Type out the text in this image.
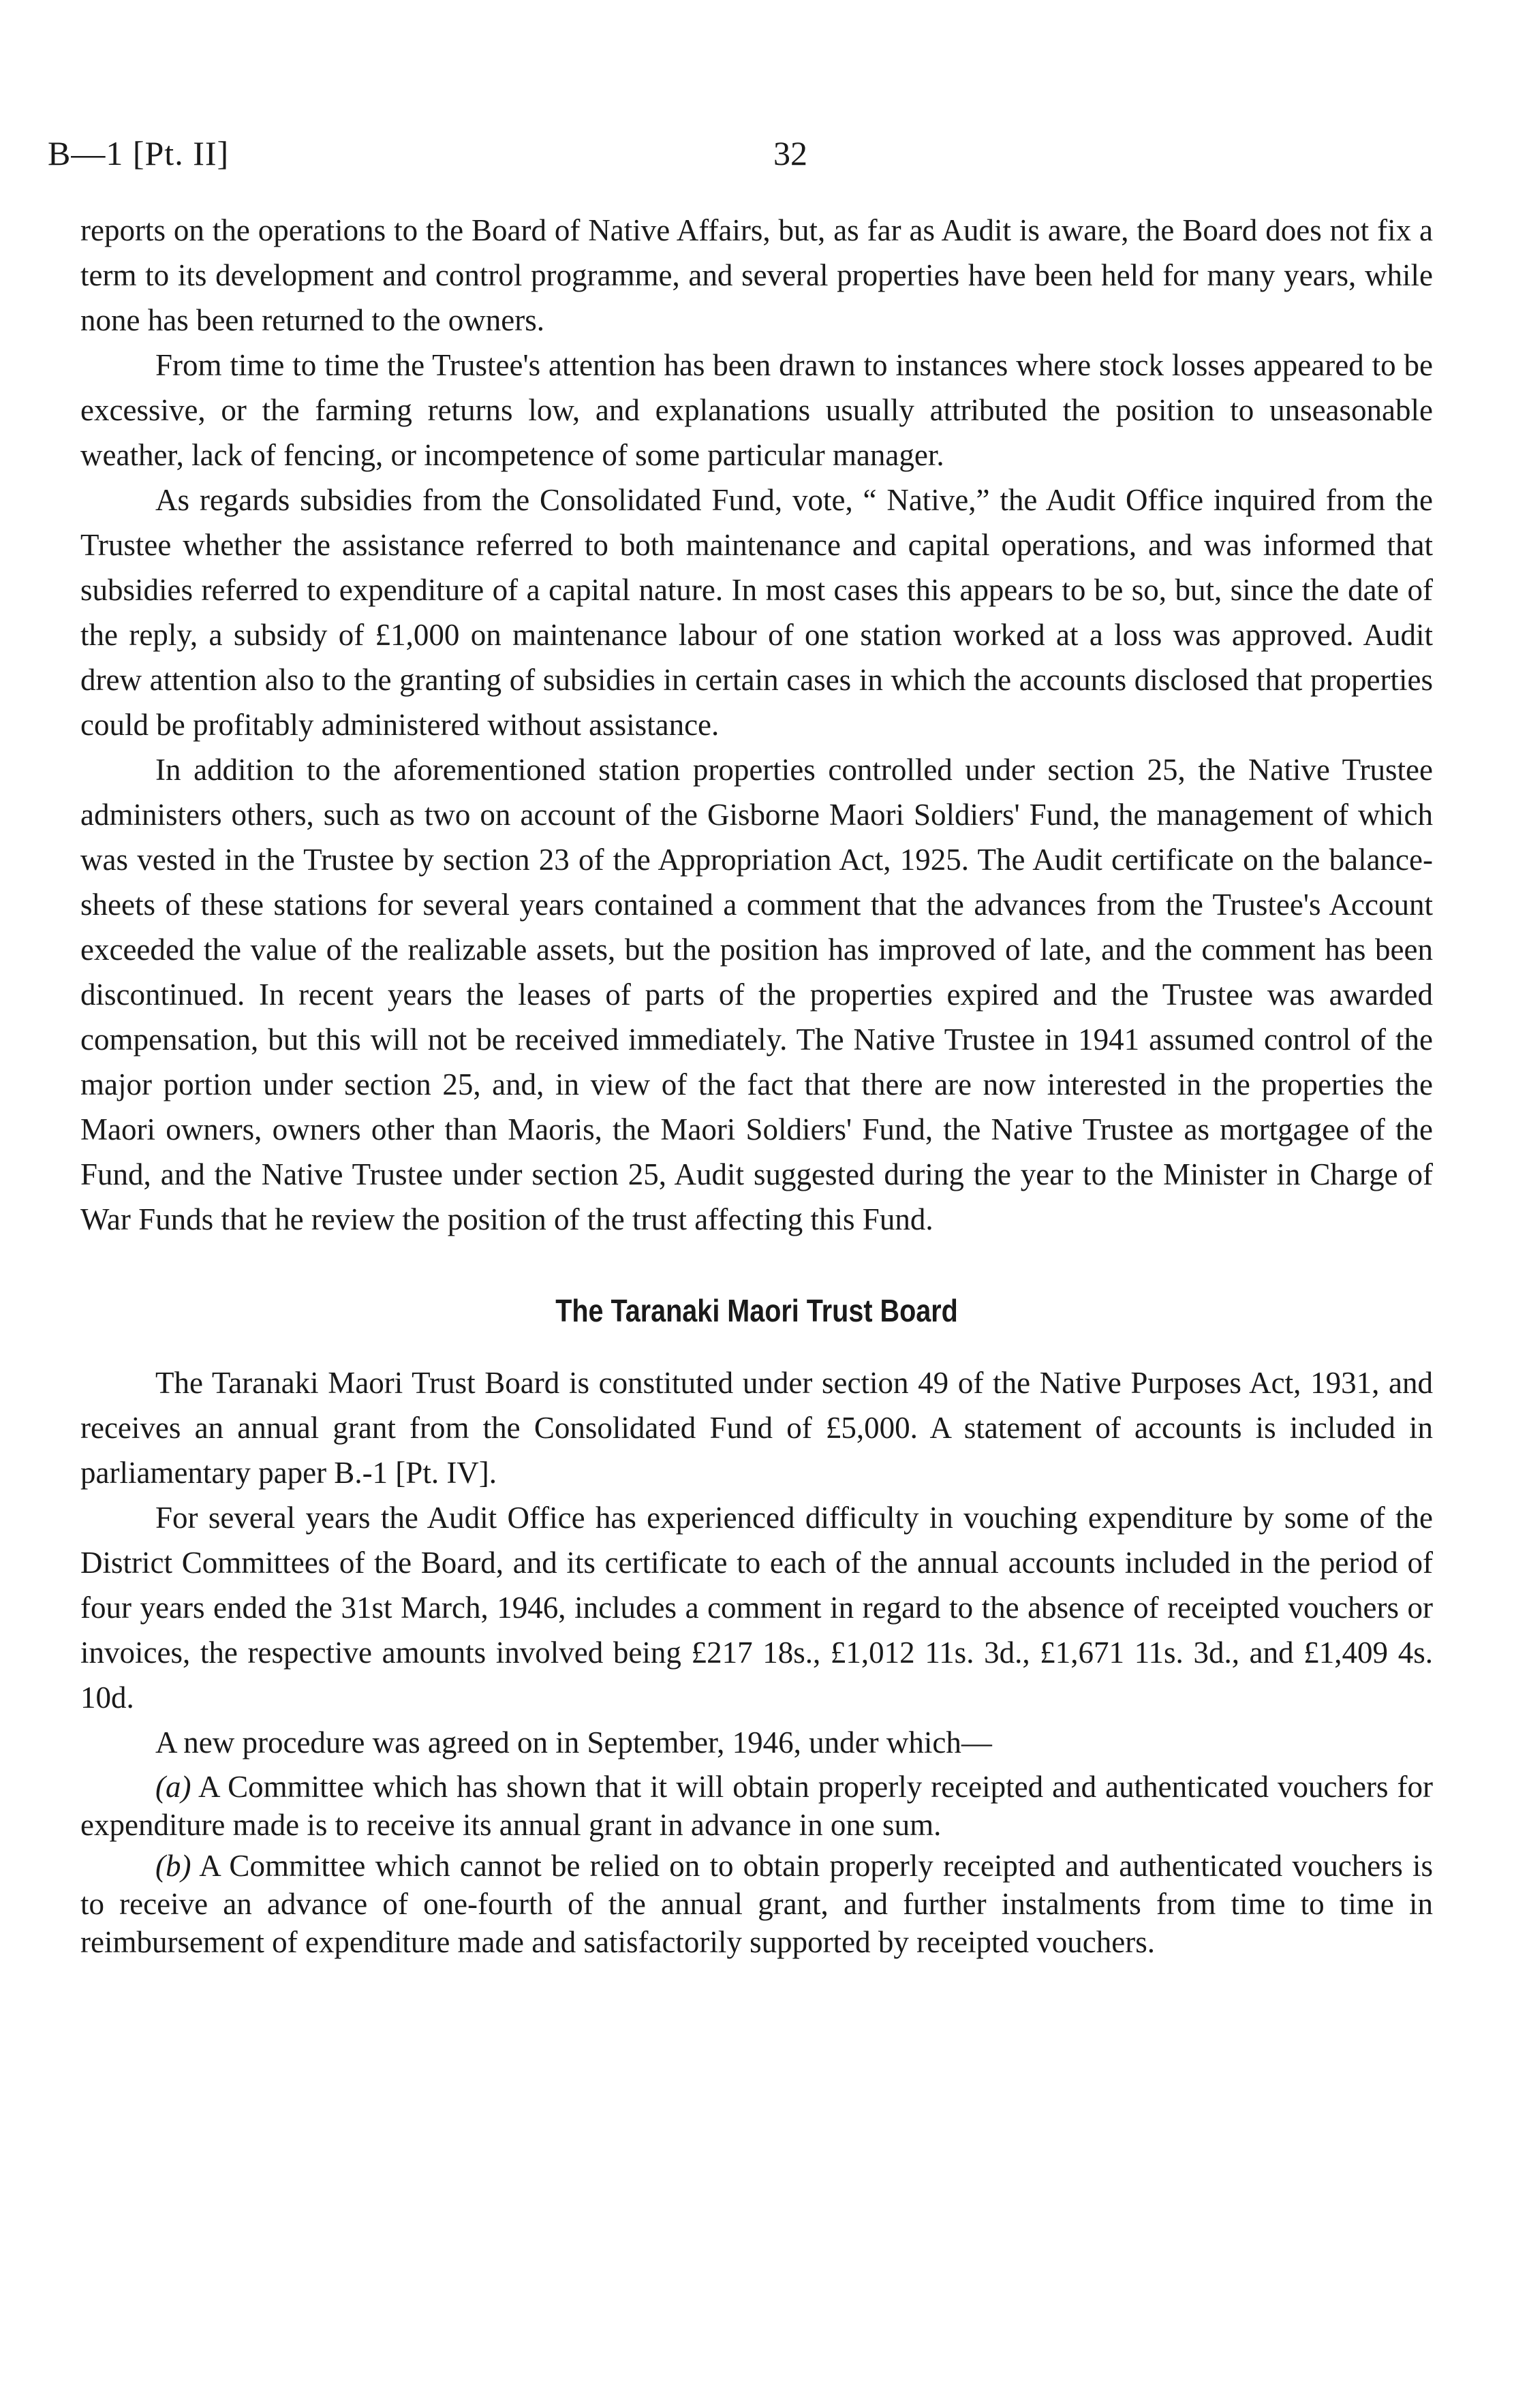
B—1 [Pt. II]	32

reports on the operations to the Board of Native Affairs, but, as far as Audit is aware, the Board does not fix a term to its development and control programme, and several properties have been held for many years, while none has been returned to the owners.

From time to time the Trustee's attention has been drawn to instances where stock losses appeared to be excessive, or the farming returns low, and explanations usually attributed the position to unseasonable weather, lack of fencing, or incompetence of some particular manager.

As regards subsidies from the Consolidated Fund, vote, “ Native,” the Audit Office inquired from the Trustee whether the assistance referred to both maintenance and capital operations, and was informed that subsidies referred to expenditure of a capital nature. In most cases this appears to be so, but, since the date of the reply, a subsidy of £1,000 on maintenance labour of one station worked at a loss was approved. Audit drew attention also to the granting of subsidies in certain cases in which the accounts disclosed that properties could be profitably administered without assistance.

In addition to the aforementioned station properties controlled under section 25, the Native Trustee administers others, such as two on account of the Gisborne Maori Soldiers' Fund, the management of which was vested in the Trustee by section 23 of the Appropriation Act, 1925. The Audit certificate on the balance-sheets of these stations for several years contained a comment that the advances from the Trustee's Account exceeded the value of the realizable assets, but the position has improved of late, and the comment has been discontinued. In recent years the leases of parts of the properties expired and the Trustee was awarded compensation, but this will not be received immediately. The Native Trustee in 1941 assumed control of the major portion under section 25, and, in view of the fact that there are now interested in the properties the Maori owners, owners other than Maoris, the Maori Soldiers' Fund, the Native Trustee as mortgagee of the Fund, and the Native Trustee under section 25, Audit suggested during the year to the Minister in Charge of War Funds that he review the position of the trust affecting this Fund.

The Taranaki Maori Trust Board

The Taranaki Maori Trust Board is constituted under section 49 of the Native Purposes Act, 1931, and receives an annual grant from the Consolidated Fund of £5,000. A statement of accounts is included in parliamentary paper B.-1 [Pt. IV].

For several years the Audit Office has experienced difficulty in vouching expenditure by some of the District Committees of the Board, and its certificate to each of the annual accounts included in the period of four years ended the 31st March, 1946, includes a comment in regard to the absence of receipted vouchers or invoices, the respective amounts involved being £217 18s., £1,012 11s. 3d., £1,671 11s. 3d., and £1,409 4s. 10d.

A new procedure was agreed on in September, 1946, under which—

(a) A Committee which has shown that it will obtain properly receipted and authenticated vouchers for expenditure made is to receive its annual grant in advance in one sum.

(b) A Committee which cannot be relied on to obtain properly receipted and authenticated vouchers is to receive an advance of one-fourth of the annual grant, and further instalments from time to time in reimbursement of expenditure made and satisfactorily supported by receipted vouchers.
